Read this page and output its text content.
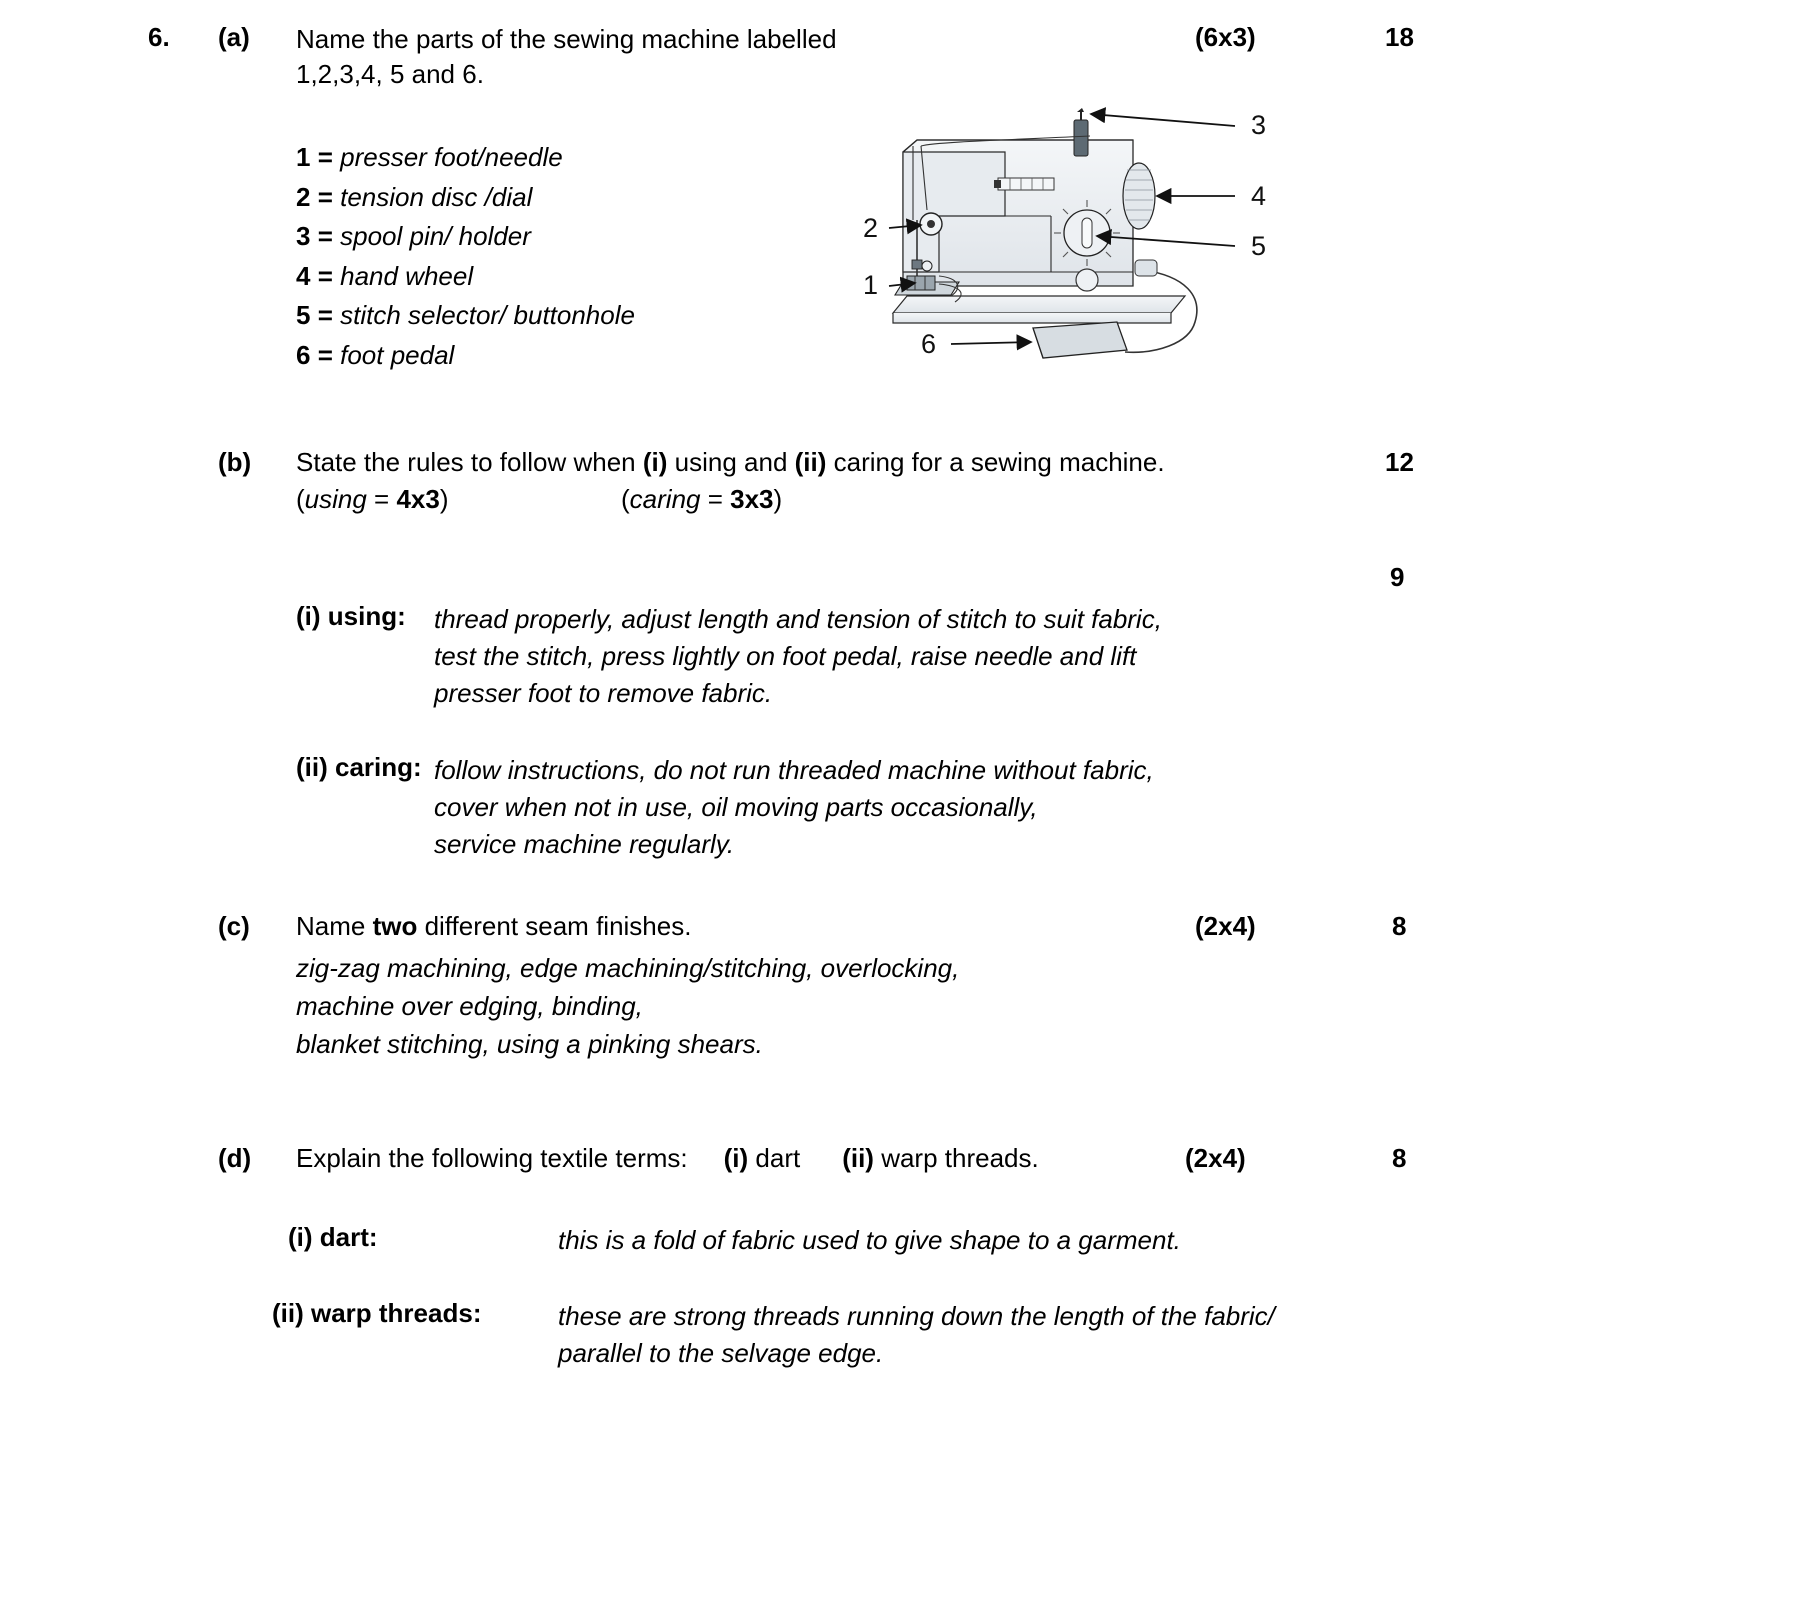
6.	(a)	Name the parts of the sewing machine labelled
1,2,3,4, 5 and 6.
(6x3)	18
1 = presser foot/needle
2 = tension disc /dial
3 = spool pin/ holder
4 = hand wheel
5 = stitch selector/ buttonhole
6 = foot pedal
3
4
5
2
1
6
(b)	State the rules to follow when (i) using and (ii) caring for a sewing machine.	12
(using = 4x3)	(caring = 3x3)
9
(i) using:	thread properly, adjust length and tension of stitch to suit fabric,
test the stitch, press lightly on foot pedal, raise needle and lift
presser foot to remove fabric.
(ii) caring: follow instructions, do not run threaded machine without fabric,
cover when not in use, oil moving parts occasionally,
service machine regularly.
(c)	Name two different seam finishes.	(2x4)	8
zig-zag machining, edge machining/stitching, overlocking,
machine over edging, binding,
blanket stitching, using a pinking shears.
(d)	Explain the following textile terms: (i) dart (ii) warp threads.	(2x4)	8
(i) dart:	this is a fold of fabric used to give shape to a garment.
(ii) warp threads:	these are strong threads running down the length of the fabric/
parallel to the selvage edge.
